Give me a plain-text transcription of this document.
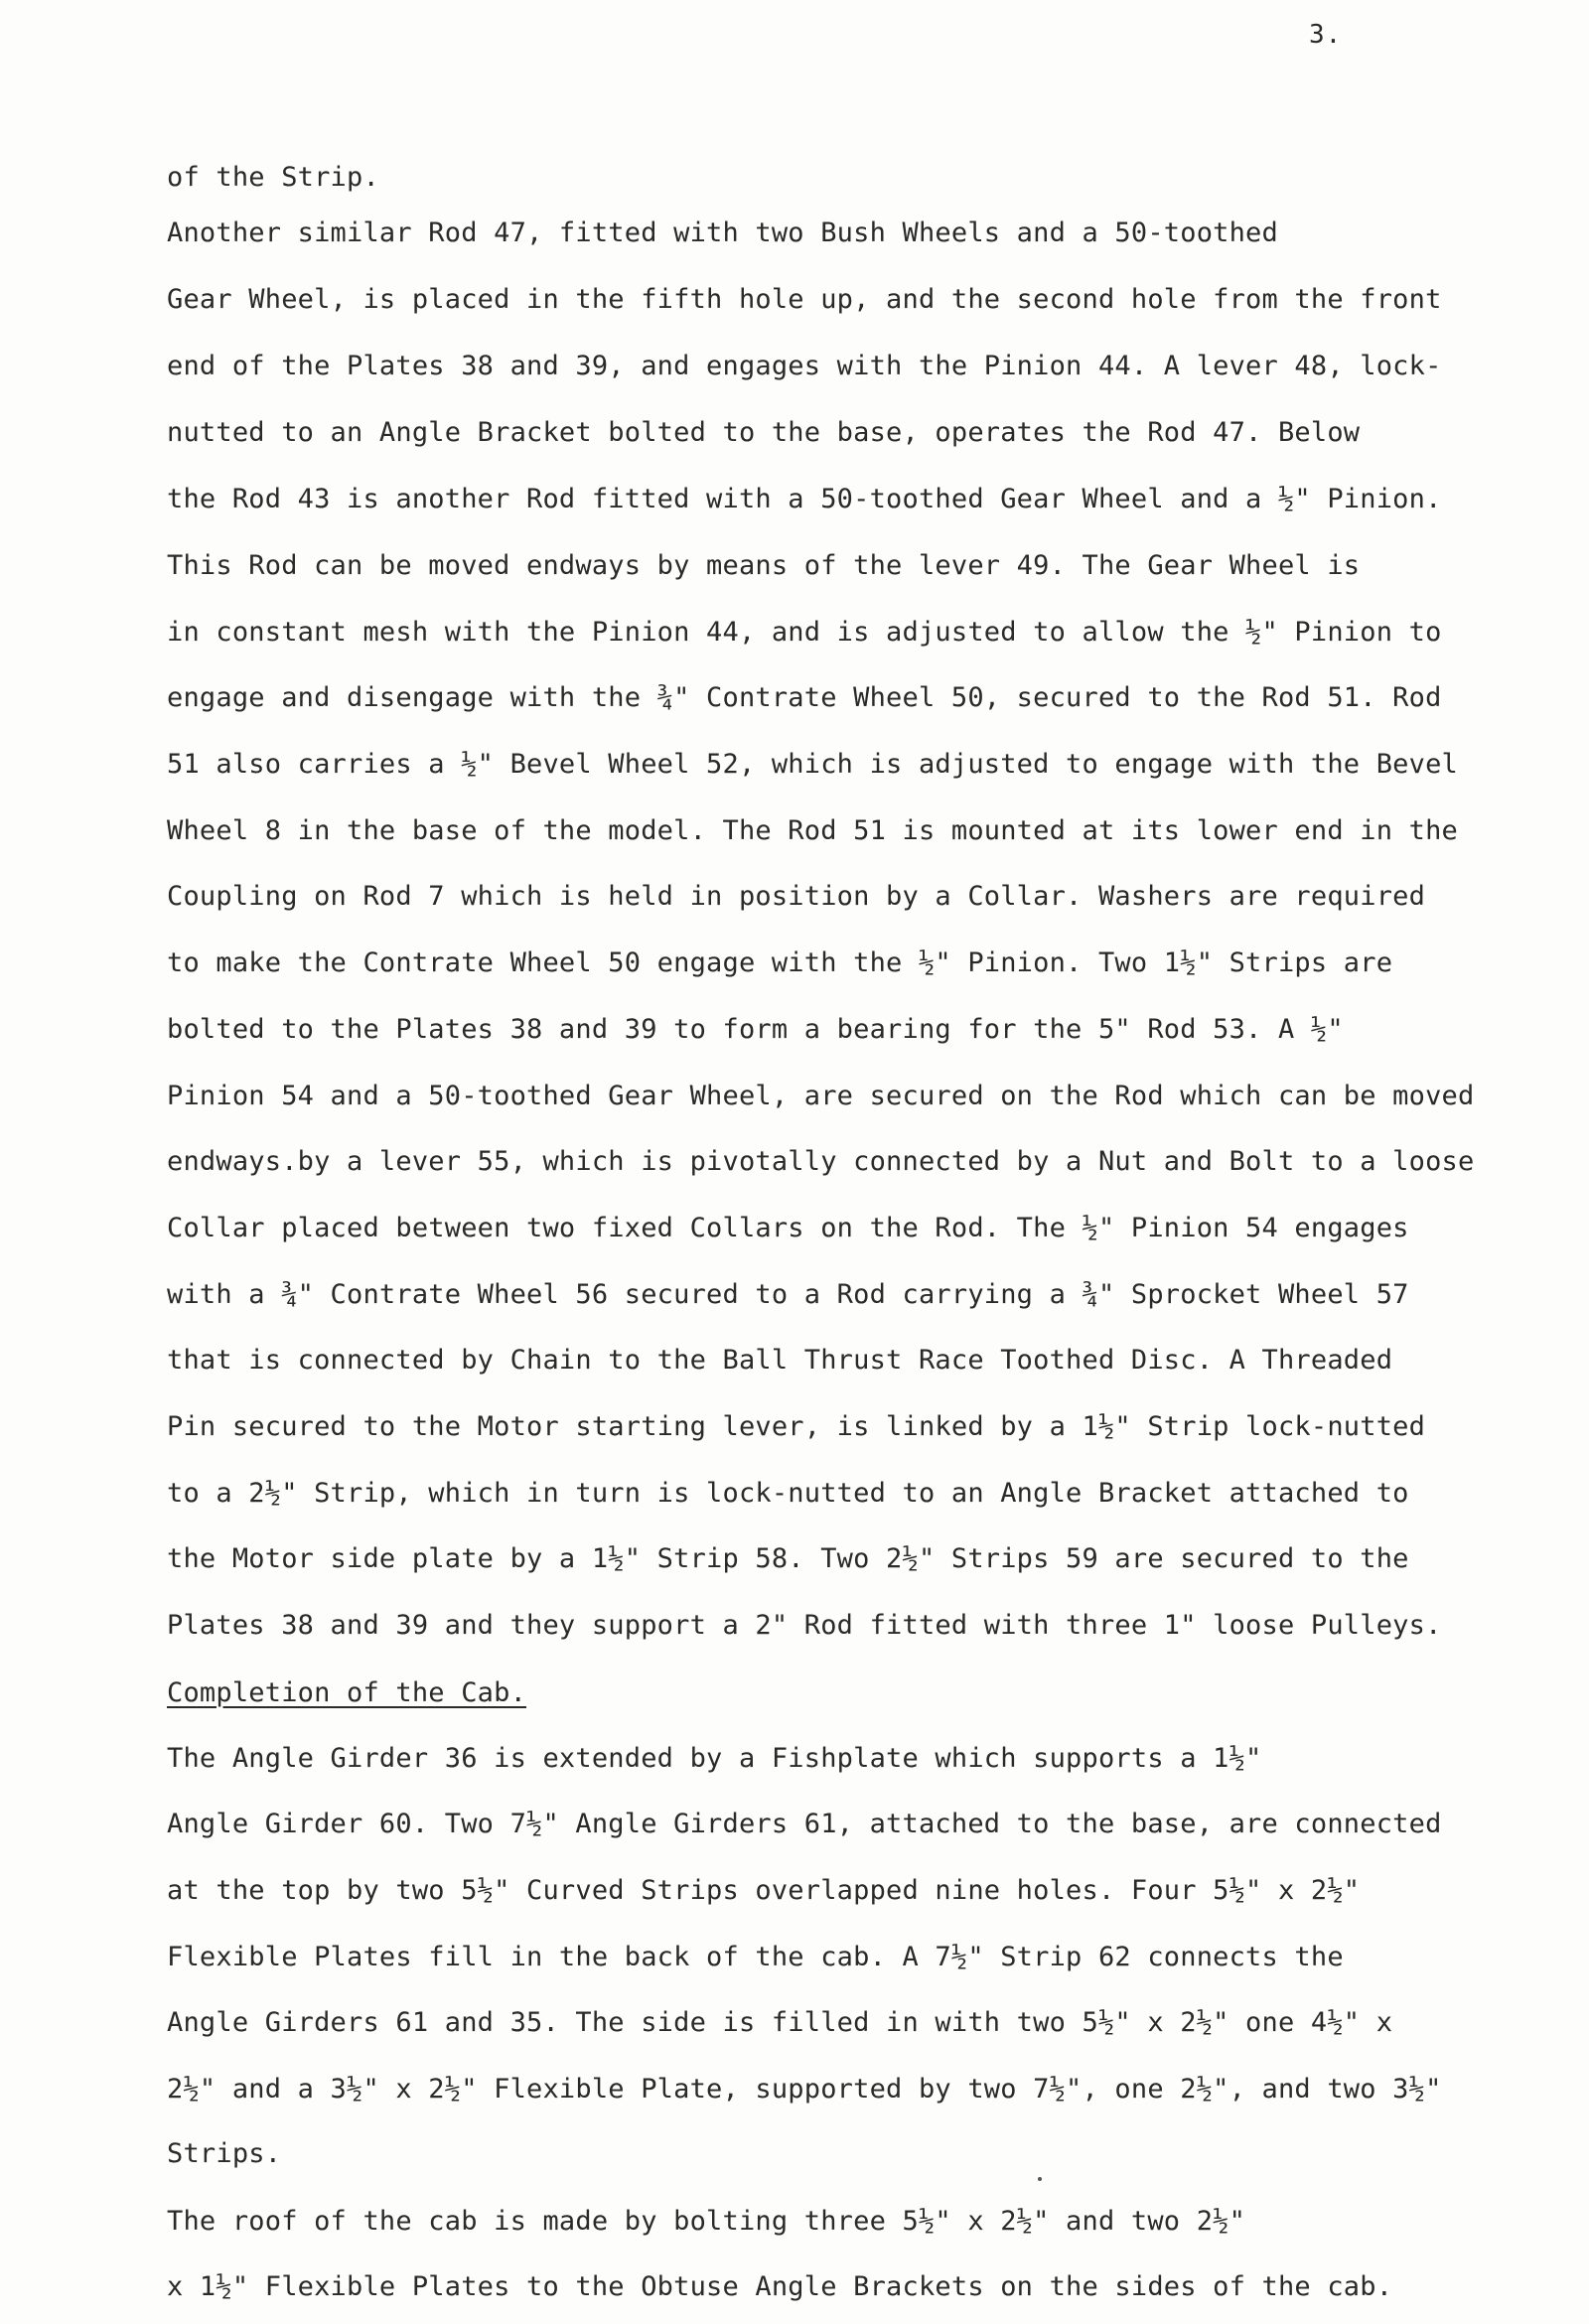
3.
of the Strip.
Another similar Rod 47, fitted with two Bush Wheels and a 50-toothed
Gear Wheel, is placed in the fifth hole up, and the second hole from the front
end of the Plates 38 and 39, and engages with the Pinion 44. A lever 48, lock-
nutted to an Angle Bracket bolted to the base, operates the Rod 47. Below
the Rod 43 is another Rod fitted with a 50-toothed Gear Wheel and a ½" Pinion.
This Rod can be moved endways by means of the lever 49. The Gear Wheel is
in constant mesh with the Pinion 44, and is adjusted to allow the ½" Pinion to
engage and disengage with the ¾" Contrate Wheel 50, secured to the Rod 51. Rod
51 also carries a ½" Bevel Wheel 52, which is adjusted to engage with the Bevel
Wheel 8 in the base of the model. The Rod 51 is mounted at its lower end in the
Coupling on Rod 7 which is held in position by a Collar. Washers are required
to make the Contrate Wheel 50 engage with the ½" Pinion. Two 1½" Strips are
bolted to the Plates 38 and 39 to form a bearing for the 5" Rod 53. A ½"
Pinion 54 and a 50-toothed Gear Wheel, are secured on the Rod which can be moved
endways.by a lever 55, which is pivotally connected by a Nut and Bolt to a loose
Collar placed between two fixed Collars on the Rod. The ½" Pinion 54 engages
with a ¾" Contrate Wheel 56 secured to a Rod carrying a ¾" Sprocket Wheel 57
that is connected by Chain to the Ball Thrust Race Toothed Disc. A Threaded
Pin secured to the Motor starting lever, is linked by a 1½" Strip lock-nutted
to a 2½" Strip, which in turn is lock-nutted to an Angle Bracket attached to
the Motor side plate by a 1½" Strip 58. Two 2½" Strips 59 are secured to the
Plates 38 and 39 and they support a 2" Rod fitted with three 1" loose Pulleys.
Completion of the Cab.
The Angle Girder 36 is extended by a Fishplate which supports a 1½"
Angle Girder 60. Two 7½" Angle Girders 61, attached to the base, are connected
at the top by two 5½" Curved Strips overlapped nine holes. Four 5½" x 2½"
Flexible Plates fill in the back of the cab. A 7½" Strip 62 connects the
Angle Girders 61 and 35. The side is filled in with two 5½" x 2½" one 4½" x
2½" and a 3½" x 2½" Flexible Plate, supported by two 7½", one 2½", and two 3½"
Strips.
The roof of the cab is made by bolting three 5½" x 2½" and two 2½"
x 1½" Flexible Plates to the Obtuse Angle Brackets on the sides of the cab.
